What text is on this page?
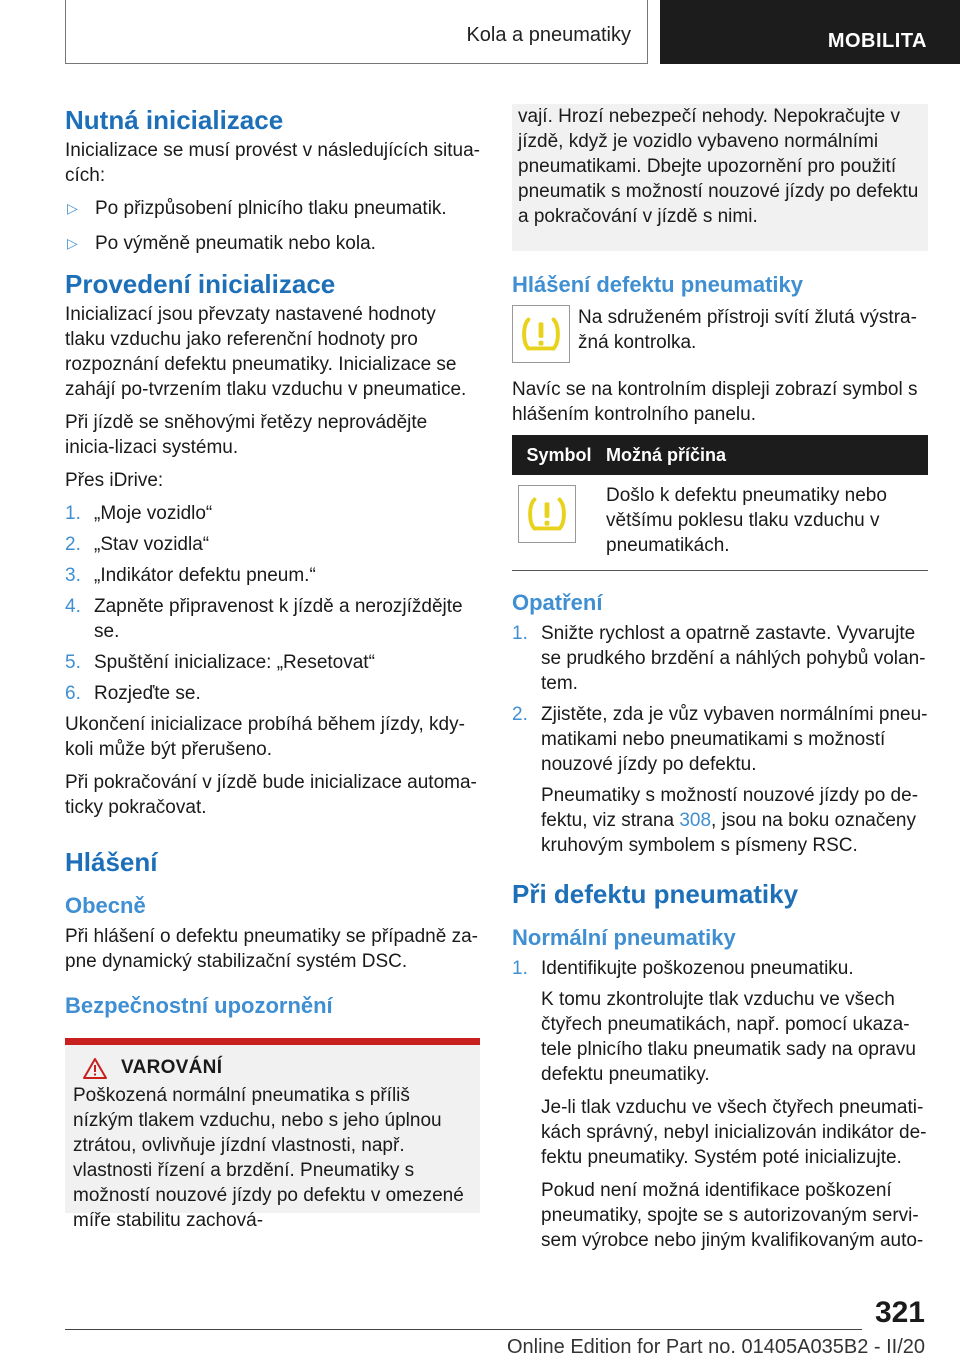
Kola a pneumatiky	MOBILITA
Nutná inicializace

Inicializace se musí provést v následujících situa-cích:

▷ Po přizpůsobení plnicího tlaku pneumatik.
▷ Po výměně pneumatik nebo kola.
Provedení inicializace

Inicializací jsou převzaty nastavené hodnoty tlaku vzduchu jako referenční hodnoty pro rozpoznání defektu pneumatiky. Inicializace se zahájí po-tvrzením tlaku vzduchu v pneumatice.

Při jízdě se sněhovými řetězy neprovádějte inicia-lizaci systému.

Přes iDrive:

1. „Moje vozidlo“
2. „Stav vozidla“
3. „Indikátor defektu pneum.“
4. Zapněte připravenost k jízdě a nerozjíždějte se.
5. Spuštění inicializace: „Resetovat“
6. Rozjeďte se.

Ukončení inicializace probíhá během jízdy, kdy-koli může být přerušeno.

Při pokračování v jízdě bude inicializace automa-ticky pokračovat.

Hlášení
Obecně

Při hlášení o defektu pneumatiky se případně za-pne dynamický stabilizační systém DSC.

Bezpečnostní upozornění
VAROVÁNÍ
Poškozená normální pneumatika s příliš nízkým tlakem vzduchu, nebo s jeho úplnou ztrátou, ovlivňuje jízdní vlastnosti, např. vlastnosti řízení a brzdění. Pneumatiky s možností nouzové jízdy po defektu v omezené míře stabilitu zachová-
vají. Hrozí nebezpečí nehody. Nepokračujte v jízdě, když je vozidlo vybaveno normálními pneumatikami. Dbejte upozornění pro použití pneumatik s možností nouzové jízdy po defektu a pokračování v jízdě s nimi.
Hlášení defektu pneumatiky

Na sdruženém přístroji svítí žlutá výstra-žná kontrolka.

Navíc se na kontrolním displeji zobrazí symbol s hlášením kontrolního panelu.

Symbol Možná příčina
Došlo k defektu pneumatiky nebo většímu poklesu tlaku vzduchu v pneumatikách.
Opatření
1. Snižte rychlost a opatrně zastavte. Vyvarujte se prudkého brzdění a náhlých pohybů volan-tem.
2. Zjistěte, zda je vůz vybaven normálními pneu-matikami nebo pneumatikami s možností nouzové jízdy po defektu.

Pneumatiky s možností nouzové jízdy po de-fektu, viz strana 308, jsou na boku označeny kruhovým symbolem s písmeny RSC.

Při defektu pneumatiky
Normální pneumatiky
1. Identifikujte poškozenou pneumatiku.

K tomu zkontrolujte tlak vzduchu ve všech čtyřech pneumatikách, např. pomocí ukaza-tele plnicího tlaku pneumatik sady na opravu defektu pneumatiky.

Je-li tlak vzduchu ve všech čtyřech pneumati-kách správný, nebyl inicializován indikátor de-fektu pneumatiky. Systém poté inicializujte.

Pokud není možná identifikace poškození pneumatiky, spojte se s autorizovaným servi-sem výrobce nebo jiným kvalifikovaným auto-

321
Online Edition for Part no. 01405A035B2 - II/20
